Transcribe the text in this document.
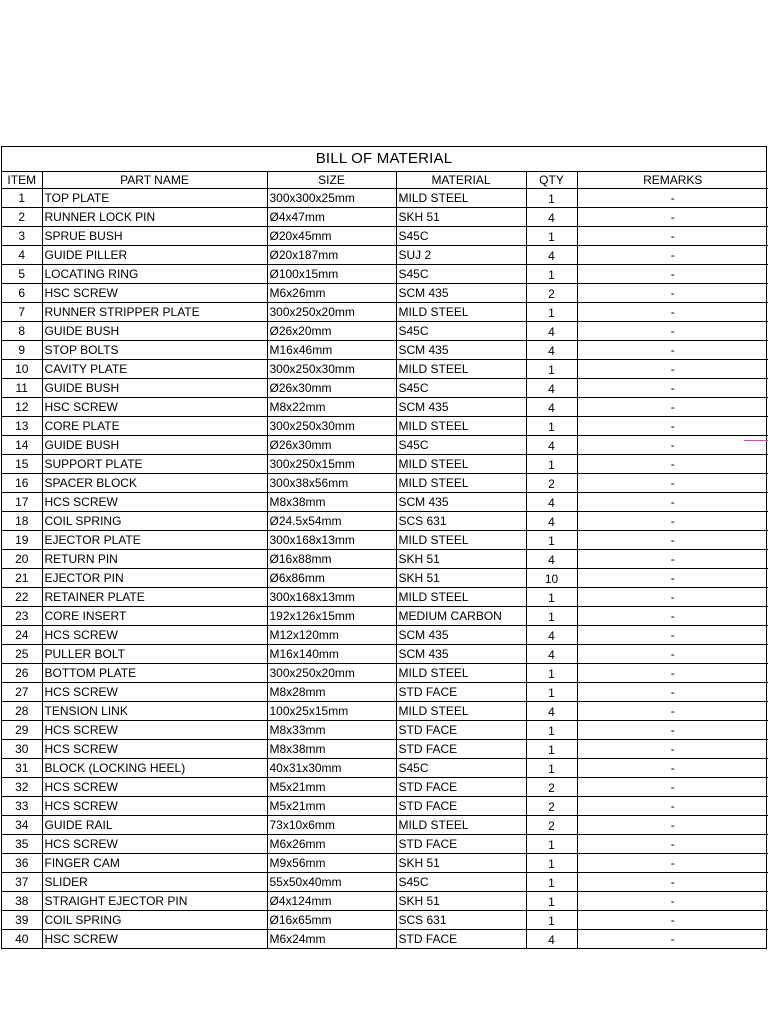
BILL OF MATERIAL
ITEM	PART NAME	SIZE	MATERIAL	QTY	REMARKS
1	TOP PLATE	300x300x25mm	MILD STEEL	1	-
2	RUNNER LOCK PIN	Ø4x47mm	SKH 51	4	-
3	SPRUE BUSH	Ø20x45mm	S45C	1	-
4	GUIDE PILLER	Ø20x187mm	SUJ 2	4	-
5	LOCATING RING	Ø100x15mm	S45C	1	-
6	HSC SCREW	M6x26mm	SCM 435	2	-
7	RUNNER STRIPPER PLATE	300x250x20mm	MILD STEEL	1	-
8	GUIDE BUSH	Ø26x20mm	S45C	4	-
9	STOP BOLTS	M16x46mm	SCM 435	4	-
10	CAVITY PLATE	300x250x30mm	MILD STEEL	1	-
11	GUIDE BUSH	Ø26x30mm	S45C	4	-
12	HSC SCREW	M8x22mm	SCM 435	4	-
13	CORE PLATE	300x250x30mm	MILD STEEL	1	-
14	GUIDE BUSH	Ø26x30mm	S45C	4	-
15	SUPPORT PLATE	300x250x15mm	MILD STEEL	1	-
16	SPACER BLOCK	300x38x56mm	MILD STEEL	2	-
17	HCS SCREW	M8x38mm	SCM 435	4	-
18	COIL SPRING	Ø24.5x54mm	SCS 631	4	-
19	EJECTOR PLATE	300x168x13mm	MILD STEEL	1	-
20	RETURN PIN	Ø16x88mm	SKH 51	4	-
21	EJECTOR PIN	Ø6x86mm	SKH 51	10	-
22	RETAINER PLATE	300x168x13mm	MILD STEEL	1	-
23	CORE INSERT	192x126x15mm	MEDIUM CARBON	1	-
24	HCS SCREW	M12x120mm	SCM 435	4	-
25	PULLER BOLT	M16x140mm	SCM 435	4	-
26	BOTTOM PLATE	300x250x20mm	MILD STEEL	1	-
27	HCS SCREW	M8x28mm	STD FACE	1	-
28	TENSION LINK	100x25x15mm	MILD STEEL	4	-
29	HCS SCREW	M8x33mm	STD FACE	1	-
30	HCS SCREW	M8x38mm	STD FACE	1	-
31	BLOCK (LOCKING HEEL)	40x31x30mm	S45C	1	-
32	HCS SCREW	M5x21mm	STD FACE	2	-
33	HCS SCREW	M5x21mm	STD FACE	2	-
34	GUIDE RAIL	73x10x6mm	MILD STEEL	2	-
35	HCS SCREW	M6x26mm	STD FACE	1	-
36	FINGER CAM	M9x56mm	SKH 51	1	-
37	SLIDER	55x50x40mm	S45C	1	-
38	STRAIGHT EJECTOR PIN	Ø4x124mm	SKH 51	1	-
39	COIL SPRING	Ø16x65mm	SCS 631	1	-
40	HSC SCREW	M6x24mm	STD FACE	4	-
